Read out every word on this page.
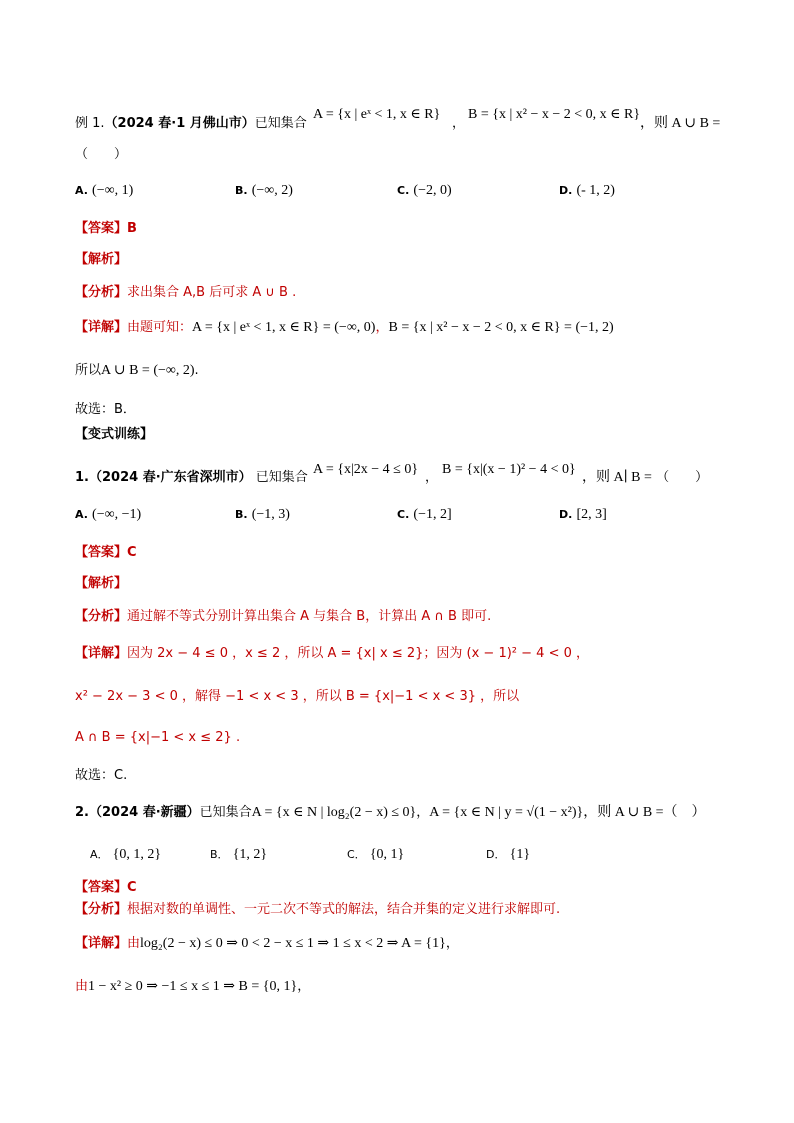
例 1.（2024 春·1 月佛山市）已知集合
A = {x | eˣ < 1, x ∈ R}
，
B = {x | x² − x − 2 < 0, x ∈ R}
，则 A ∪ B =
（　　）
A. (−∞, 1)	B. (−∞, 2)	C. (−2, 0)	D. (- 1, 2)
【答案】B
【解析】
【分析】求出集合 A,B 后可求 A ∪ B .
【详解】由题可知：A = {x | eˣ < 1, x ∈ R} = (−∞, 0)，B = {x | x² − x − 2 < 0, x ∈ R} = (−1, 2)
所以A ∪ B = (−∞, 2).
故选：B．
【变式训练】
1.（2024 春·广东省深圳市） 已知集合
A = {x|2x − 4 ≤ 0}
，
B = {x|(x − 1)² − 4 < 0}
，则 A∣ B = （　　）
A. (−∞, −1)	B. (−1, 3)	C. (−1, 2]	D. [2, 3]
【答案】C
【解析】
【分析】通过解不等式分别计算出集合 A 与集合 B，计算出 A ∩ B 即可.
【详解】因为 2x − 4 ≤ 0 ，x ≤ 2 ，所以 A = {x| x ≤ 2}；因为 (x − 1)² − 4 < 0 ，
x² − 2x − 3 < 0 ，解得 −1 < x < 3 ，所以 B = {x|−1 < x < 3} ，所以
A ∩ B = {x|−1 < x ≤ 2} .
故选：C.
2.（2024 春·新疆）已知集合A = {x ∈ N | log₂(2 − x) ≤ 0}，A = {x ∈ N | y = √(1 − x²)}，则 A ∪ B =（　）
A． {0, 1, 2}	B． {1, 2}	C． {0, 1}	D． {1}
【答案】C
【分析】根据对数的单调性、一元二次不等式的解法，结合并集的定义进行求解即可.
【详解】由log₂(2 − x) ≤ 0 ⇒ 0 < 2 − x ≤ 1 ⇒ 1 ≤ x < 2 ⇒ A = {1}，
由1 − x² ≥ 0 ⇒ −1 ≤ x ≤ 1 ⇒ B = {0, 1}，
